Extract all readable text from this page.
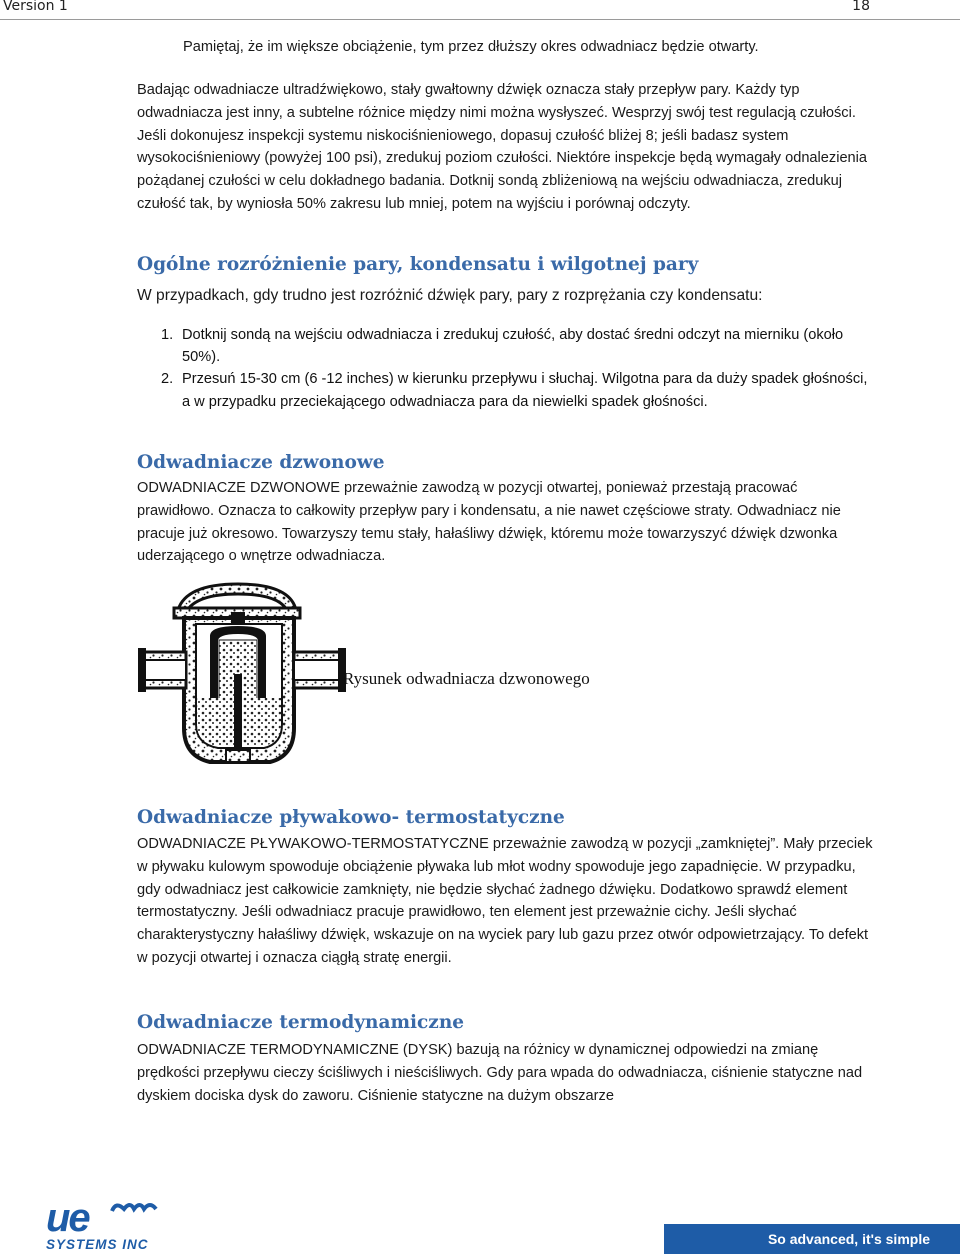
Version 1	18

Pamiętaj, że im większe obciążenie, tym przez dłuższy okres odwadniacz będzie otwarty.

Badając odwadniacze ultradźwiękowo, stały gwałtowny dźwięk oznacza stały przepływ pary. Każdy typ odwadniacza jest inny, a subtelne różnice między nimi można wysłyszeć. Wesprzyj swój test regulacją czułości. Jeśli dokonujesz inspekcji systemu niskociśnieniowego, dopasuj czułość bliżej 8; jeśli badasz system wysokociśnieniowy (powyżej 100 psi), zredukuj poziom czułości. Niektóre inspekcje będą wymagały odnalezienia pożądanej czułości w celu dokładnego badania. Dotknij sondą zbliżeniową na wejściu odwadniacza, zredukuj czułość tak, by wyniosła 50% zakresu lub mniej, potem na wyjściu i porównaj odczyty.

Ogólne rozróżnienie pary, kondensatu i wilgotnej pary

W przypadkach, gdy trudno jest rozróżnić dźwięk pary, pary z rozprężania czy kondensatu:

1. Dotknij sondą na wejściu odwadniacza i zredukuj czułość, aby dostać średni odczyt na mierniku (około 50%).
2. Przesuń 15-30 cm (6 -12 inches) w kierunku przepływu i słuchaj. Wilgotna para da duży spadek głośności, a w przypadku przeciekającego odwadniacza para da niewielki spadek głośności.
Odwadniacze dzwonowe

ODWADNIACZE DZWONOWE przeważnie zawodzą w pozycji otwartej, ponieważ przestają pracować prawidłowo. Oznacza to całkowity przepływ pary i kondensatu, a nie nawet częściowe straty. Odwadniacz nie pracuje już okresowo. Towarzyszy temu stały, hałaśliwy dźwięk, któremu może towarzyszyć dźwięk dzwonka uderzającego o wnętrze odwadniacza.

Rysunek odwadniacza dzwonowego
Odwadniacze pływakowo- termostatyczne

ODWADNIACZE PŁYWAKOWO-TERMOSTATYCZNE przeważnie zawodzą w pozycji „zamkniętej”. Mały przeciek w pływaku kulowym spowoduje obciążenie pływaka lub młot wodny spowoduje jego zapadnięcie. W przypadku, gdy odwadniacz jest całkowicie zamknięty, nie będzie słychać żadnego dźwięku. Dodatkowo sprawdź element termostatyczny. Jeśli odwadniacz pracuje prawidłowo, ten element jest przeważnie cichy. Jeśli słychać charakterystyczny hałaśliwy dźwięk, wskazuje on na wyciek pary lub gazu przez otwór odpowietrzający. To defekt w pozycji otwartej i oznacza ciągłą stratę energii.

Odwadniacze termodynamiczne

ODWADNIACZE TERMODYNAMICZNE (DYSK) bazują na różnicy w dynamicznej odpowiedzi na zmianę prędkości przepływu cieczy ściśliwych i nieściśliwych. Gdy para wpada do odwadniacza, ciśnienie statyczne nad dyskiem dociska dysk do zaworu. Ciśnienie statyczne na dużym obszarze

ue
SYSTEMS INC	So advanced, it's simple
